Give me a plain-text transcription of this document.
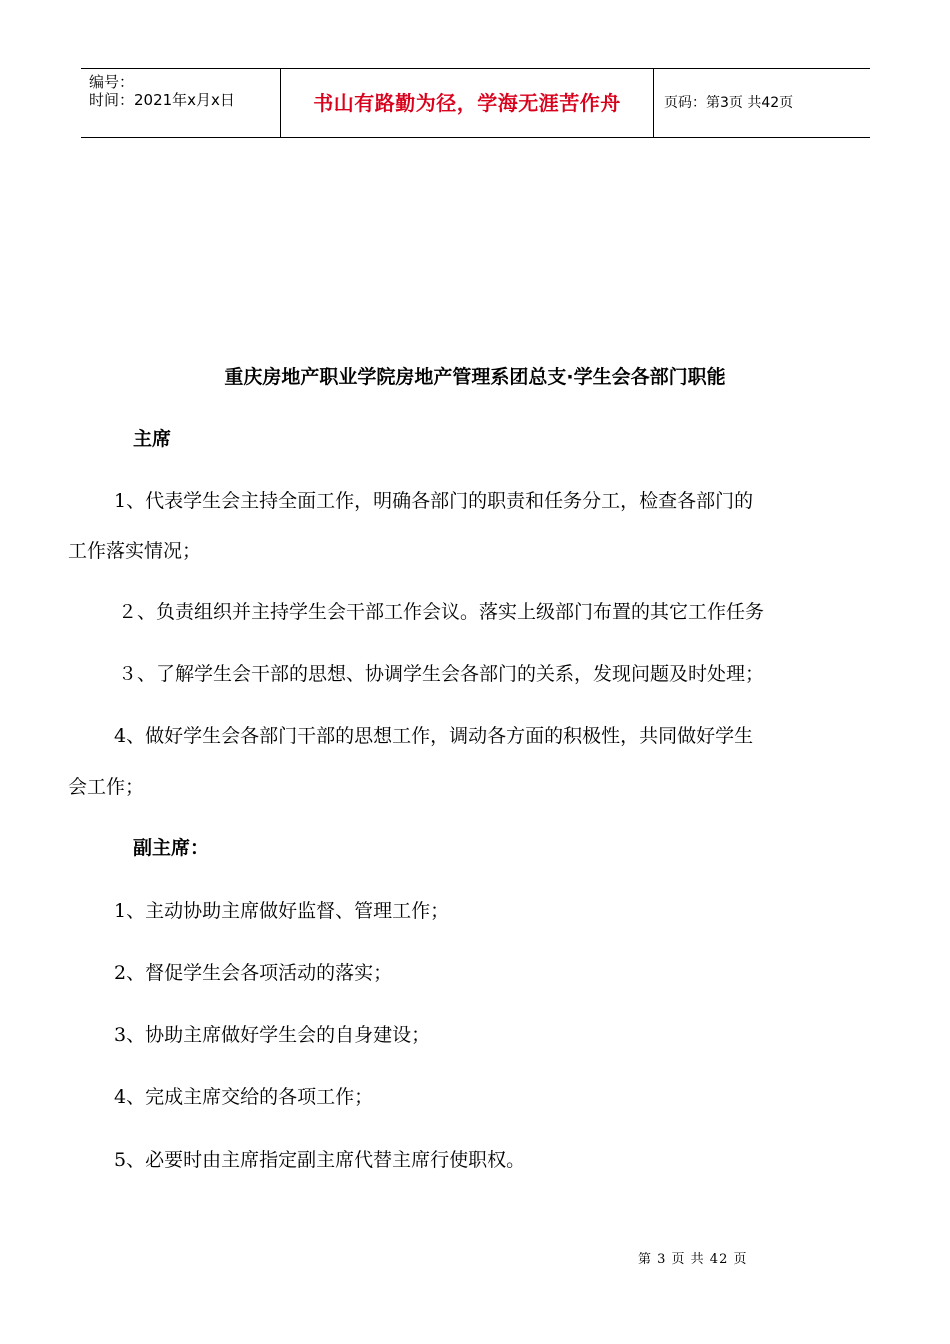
编号：
时间：2021年x月x日	书山有路勤为径，学海无涯苦作舟	页码：第3页 共42页
重庆房地产职业学院房地产管理系团总支·学生会各部门职能
主席
1、代表学生会主持全面工作，明确各部门的职责和任务分工，检查各部门的
工作落实情况；
２、负责组织并主持学生会干部工作会议。落实上级部门布置的其它工作任务
３、了解学生会干部的思想、协调学生会各部门的关系，发现问题及时处理；
4、做好学生会各部门干部的思想工作，调动各方面的积极性，共同做好学生
会工作；
副主席：
1、主动协助主席做好监督、管理工作；
2、督促学生会各项活动的落实；
3、协助主席做好学生会的自身建设；
4、完成主席交给的各项工作；
5、必要时由主席指定副主席代替主席行使职权。
第 3 页 共 42 页
